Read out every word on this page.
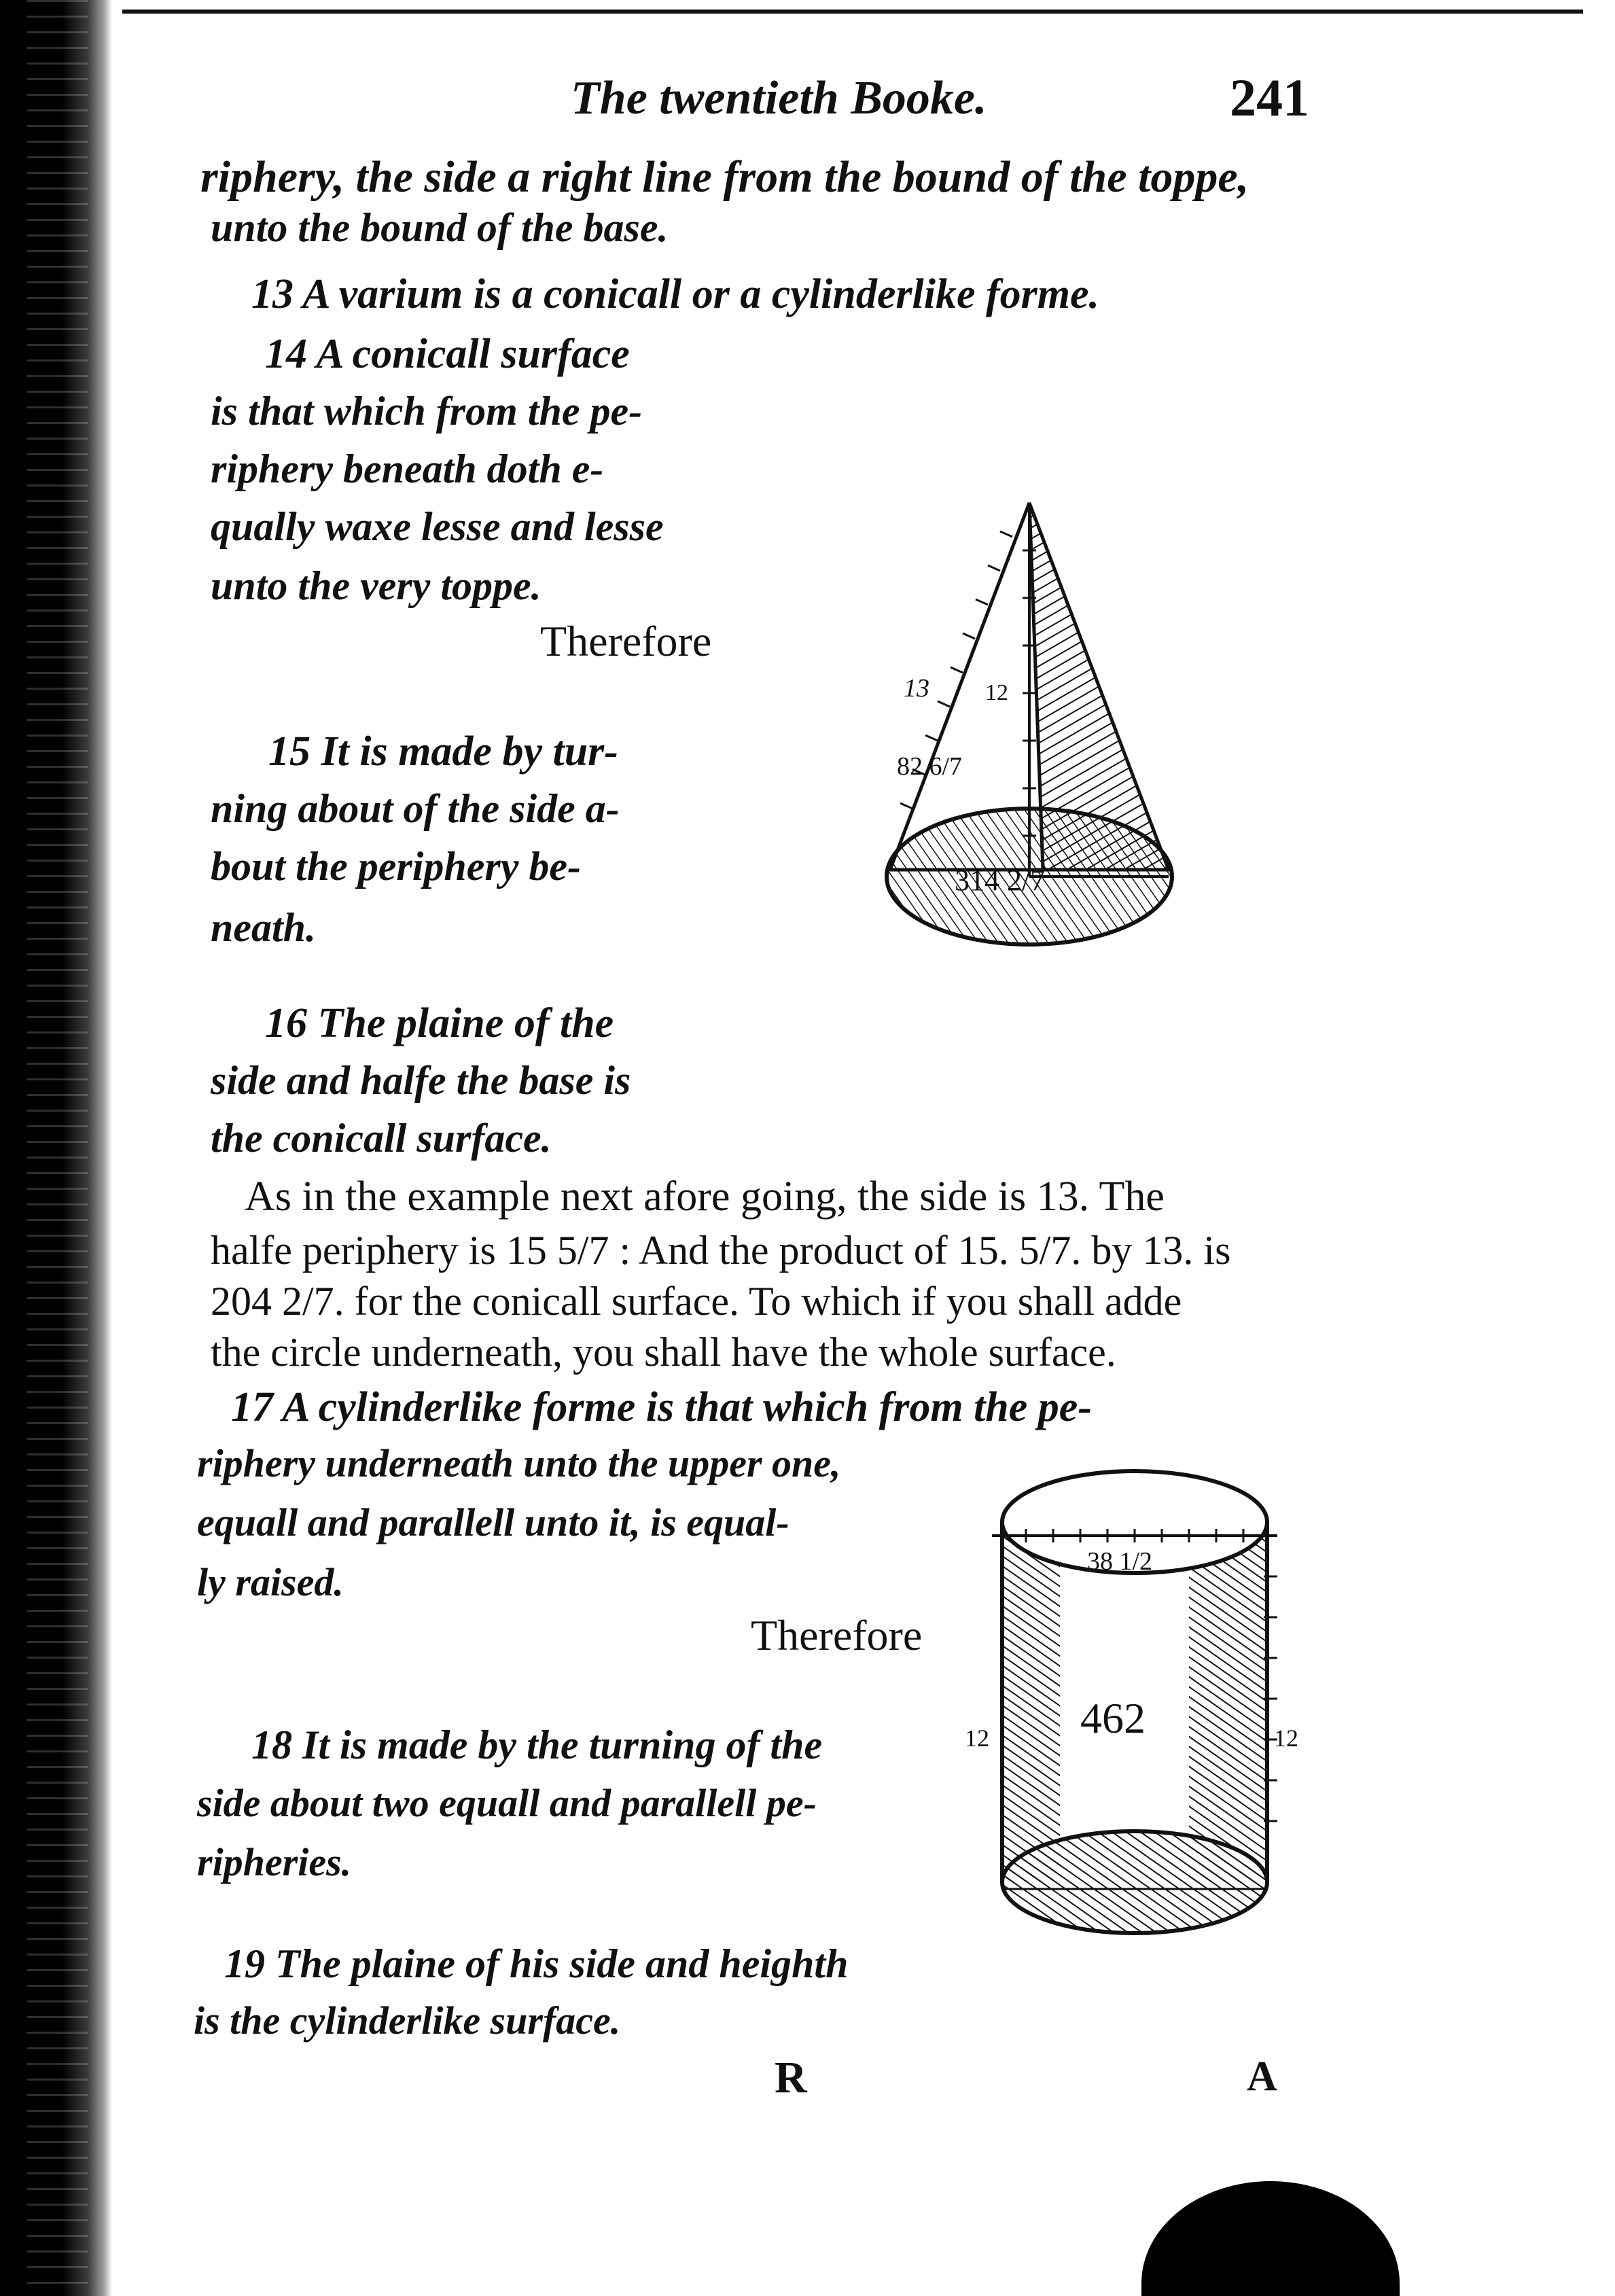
The twentieth Booke.	241
riphery, the side a right line from the bound of the toppe,
unto the bound of the base.
13 A varium is a conicall or a cylinderlike forme.
14 A conicall surface
is that which from the pe-
riphery beneath doth e-
qually waxe lesse and lesse
unto the very toppe.
Therefore
15 It is made by tur-
ning about of the side a-
bout the periphery be-
neath.
16 The plaine of the
side and halfe the base is
the conicall surface.
As in the example next afore going, the side is 13. The
halfe periphery is 15 5/7 : And the product of 15. 5/7. by 13. is
204 2/7. for the conicall surface. To which if you shall adde
the circle underneath, you shall have the whole surface.
17 A cylinderlike forme is that which from the pe-
riphery underneath unto the upper one,
equall and parallell unto it, is equal-
ly raised.
Therefore
18 It is made by the turning of the
side about two equall and parallell pe-
ripheries.
19 The plaine of his side and heighth
is the cylinderlike surface.
13 12
82 6/7
314 2/7
38 1/2
462
12	12
R	A
